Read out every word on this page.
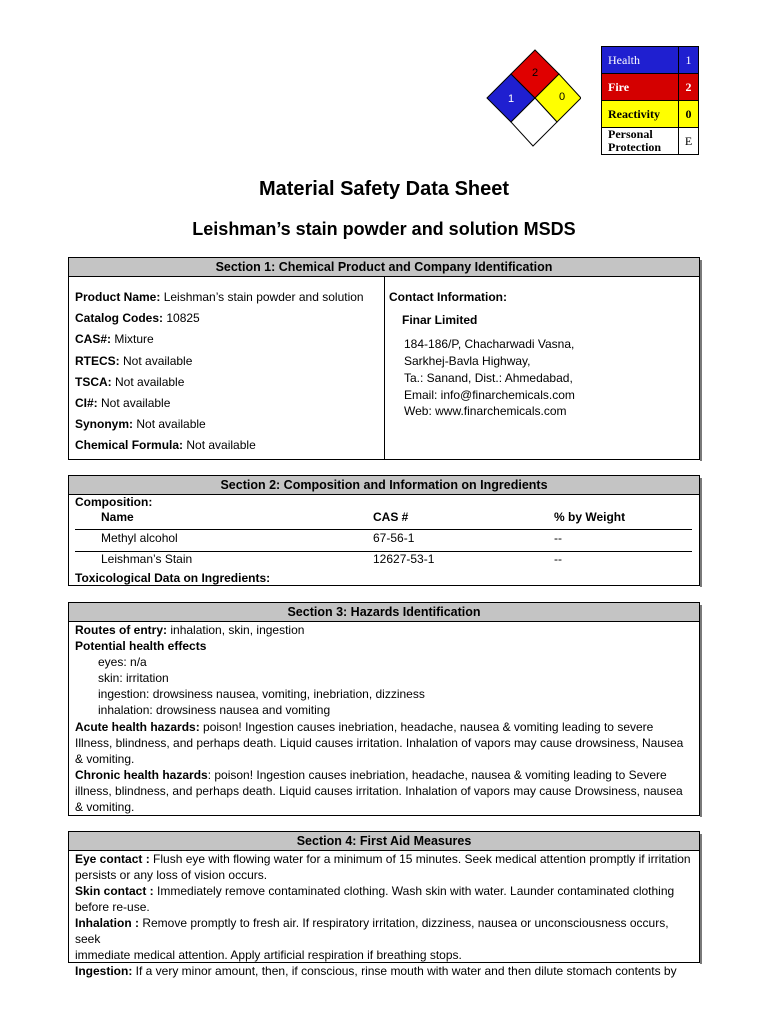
1
2
0
Health	1
Fire	2
Reactivity	0
Personal
Protection	E
Material Safety Data Sheet
Leishman’s stain powder and solution MSDS
Section 1: Chemical Product and Company Identification
Product Name: Leishman’s stain powder and solution
Catalog Codes: 10825
CAS#: Mixture
RTECS: Not available
TSCA: Not available
CI#: Not available
Synonym: Not available
Chemical Formula: Not available
Contact Information:
Finar Limited
184-186/P, Chacharwadi Vasna,
Sarkhej-Bavla Highway,
Ta.: Sanand, Dist.: Ahmedabad,
Email: info@finarchemicals.com
Web: www.finarchemicals.com
Section 2: Composition and Information on Ingredients
Composition:
Name	CAS #	% by Weight
Methyl alcohol	67-56-1	--
Leishman’s Stain	12627-53-1	--
Toxicological Data on Ingredients:
Section 3: Hazards Identification
Routes of entry: inhalation, skin, ingestion
Potential health effects
eyes: n/a
skin: irritation
ingestion: drowsiness nausea, vomiting, inebriation, dizziness
inhalation: drowsiness nausea and vomiting
Acute health hazards: poison! Ingestion causes inebriation, headache, nausea & vomiting leading to severe
Illness, blindness, and perhaps death. Liquid causes irritation. Inhalation of vapors may cause drowsiness, Nausea
& vomiting.
Chronic health hazards: poison! Ingestion causes inebriation, headache, nausea & vomiting leading to Severe
illness, blindness, and perhaps death. Liquid causes irritation. Inhalation of vapors may cause Drowsiness, nausea
& vomiting.
Section 4: First Aid Measures
Eye contact : Flush eye with flowing water for a minimum of 15 minutes. Seek medical attention promptly if irritation
persists or any loss of vision occurs.
Skin contact : Immediately remove contaminated clothing. Wash skin with water. Launder contaminated clothing
before re-use.
Inhalation : Remove promptly to fresh air. If respiratory irritation, dizziness, nausea or unconsciousness occurs, seek
immediate medical attention. Apply artificial respiration if breathing stops.
Ingestion: If a very minor amount, then, if conscious, rinse mouth with water and then dilute stomach contents by
